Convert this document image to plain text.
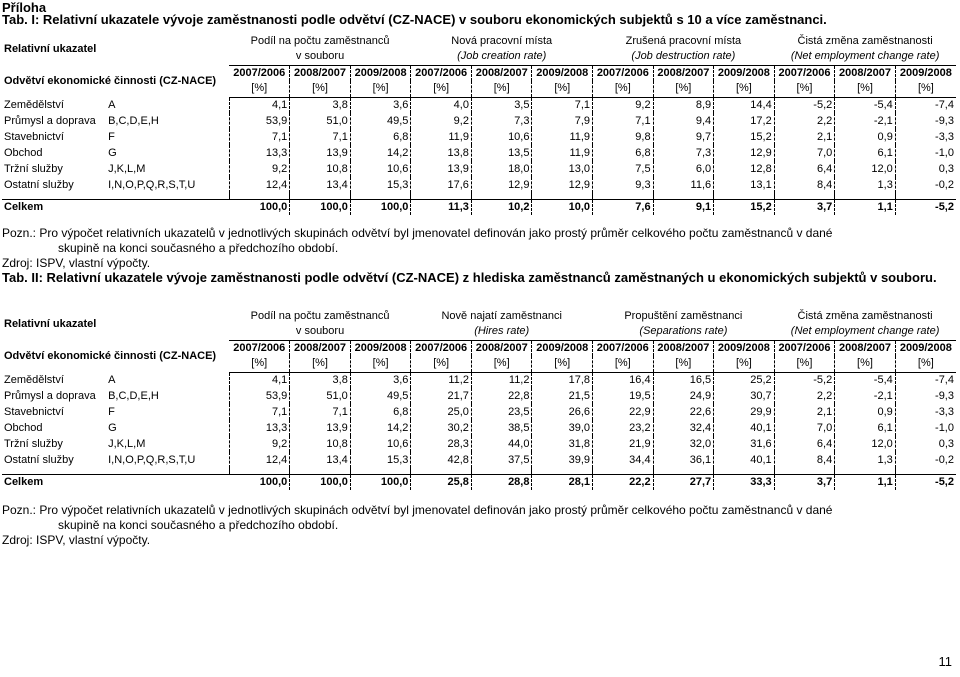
Příloha
Tab. I: Relativní ukazatele vývoje zaměstnanosti podle odvětví (CZ-NACE) v souboru ekonomických subjektů s 10 a více zaměstnanci.
Relativní ukazatel		Podíl na počtu zaměstnanců			Nová pracovní místa			Zrušená pracovní místa			Čistá změna zaměstnanosti		
		v souboru			(Job creation rate)			(Job destruction rate)			(Net employment change rate)		
Odvětví ekonomické činnosti (CZ-NACE)		2007/2006	2008/2007	2009/2008	2007/2006	2008/2007	2009/2008	2007/2006	2008/2007	2009/2008	2007/2006	2008/2007	2009/2008
		[%]	[%]	[%]	[%]	[%]	[%]	[%]	[%]	[%]	[%]	[%]	[%]
Zemědělství	A	4,1	3,8	3,6	4,0	3,5	7,1	9,2	8,9	14,4	-5,2	-5,4	-7,4
Průmysl a doprava	B,C,D,E,H	53,9	51,0	49,5	9,2	7,3	7,9	7,1	9,4	17,2	2,2	-2,1	-9,3
Stavebnictví	F	7,1	7,1	6,8	11,9	10,6	11,9	9,8	9,7	15,2	2,1	0,9	-3,3
Obchod	G	13,3	13,9	14,2	13,8	13,5	11,9	6,8	7,3	12,9	7,0	6,1	-1,0
Tržní služby	J,K,L,M	9,2	10,8	10,6	13,9	18,0	13,0	7,5	6,0	12,8	6,4	12,0	0,3
Ostatní služby	I,N,O,P,Q,R,S,T,U	12,4	13,4	15,3	17,6	12,9	12,9	9,3	11,6	13,1	8,4	1,3	-0,2

Celkem		100,0	100,0	100,0	11,3	10,2	10,0	7,6	9,1	15,2	3,7	1,1	-5,2
Pozn.: Pro výpočet relativních ukazatelů v jednotlivých skupinách odvětví byl jmenovatel definován jako prostý průměr celkového počtu zaměstnanců v dané
skupině na konci současného a předchozího období.
Zdroj: ISPV, vlastní výpočty.
Tab. II: Relativní ukazatele vývoje zaměstnanosti podle odvětví (CZ-NACE) z hlediska zaměstnanců zaměstnaných u ekonomických subjektů v souboru.
Relativní ukazatel		Podíl na počtu zaměstnanců			Nově najatí zaměstnanci			Propuštění zaměstnanci			Čistá změna zaměstnanosti		
		v souboru			(Hires rate)			(Separations rate)			(Net employment change rate)		
Odvětví ekonomické činnosti (CZ-NACE)		2007/2006	2008/2007	2009/2008	2007/2006	2008/2007	2009/2008	2007/2006	2008/2007	2009/2008	2007/2006	2008/2007	2009/2008
		[%]	[%]	[%]	[%]	[%]	[%]	[%]	[%]	[%]	[%]	[%]	[%]
Zemědělství	A	4,1	3,8	3,6	11,2	11,2	17,8	16,4	16,5	25,2	-5,2	-5,4	-7,4
Průmysl a doprava	B,C,D,E,H	53,9	51,0	49,5	21,7	22,8	21,5	19,5	24,9	30,7	2,2	-2,1	-9,3
Stavebnictví	F	7,1	7,1	6,8	25,0	23,5	26,6	22,9	22,6	29,9	2,1	0,9	-3,3
Obchod	G	13,3	13,9	14,2	30,2	38,5	39,0	23,2	32,4	40,1	7,0	6,1	-1,0
Tržní služby	J,K,L,M	9,2	10,8	10,6	28,3	44,0	31,8	21,9	32,0	31,6	6,4	12,0	0,3
Ostatní služby	I,N,O,P,Q,R,S,T,U	12,4	13,4	15,3	42,8	37,5	39,9	34,4	36,1	40,1	8,4	1,3	-0,2

Celkem		100,0	100,0	100,0	25,8	28,8	28,1	22,2	27,7	33,3	3,7	1,1	-5,2
Pozn.: Pro výpočet relativních ukazatelů v jednotlivých skupinách odvětví byl jmenovatel definován jako prostý průměr celkového počtu zaměstnanců v dané
skupině na konci současného a předchozího období.
Zdroj: ISPV, vlastní výpočty.
11
